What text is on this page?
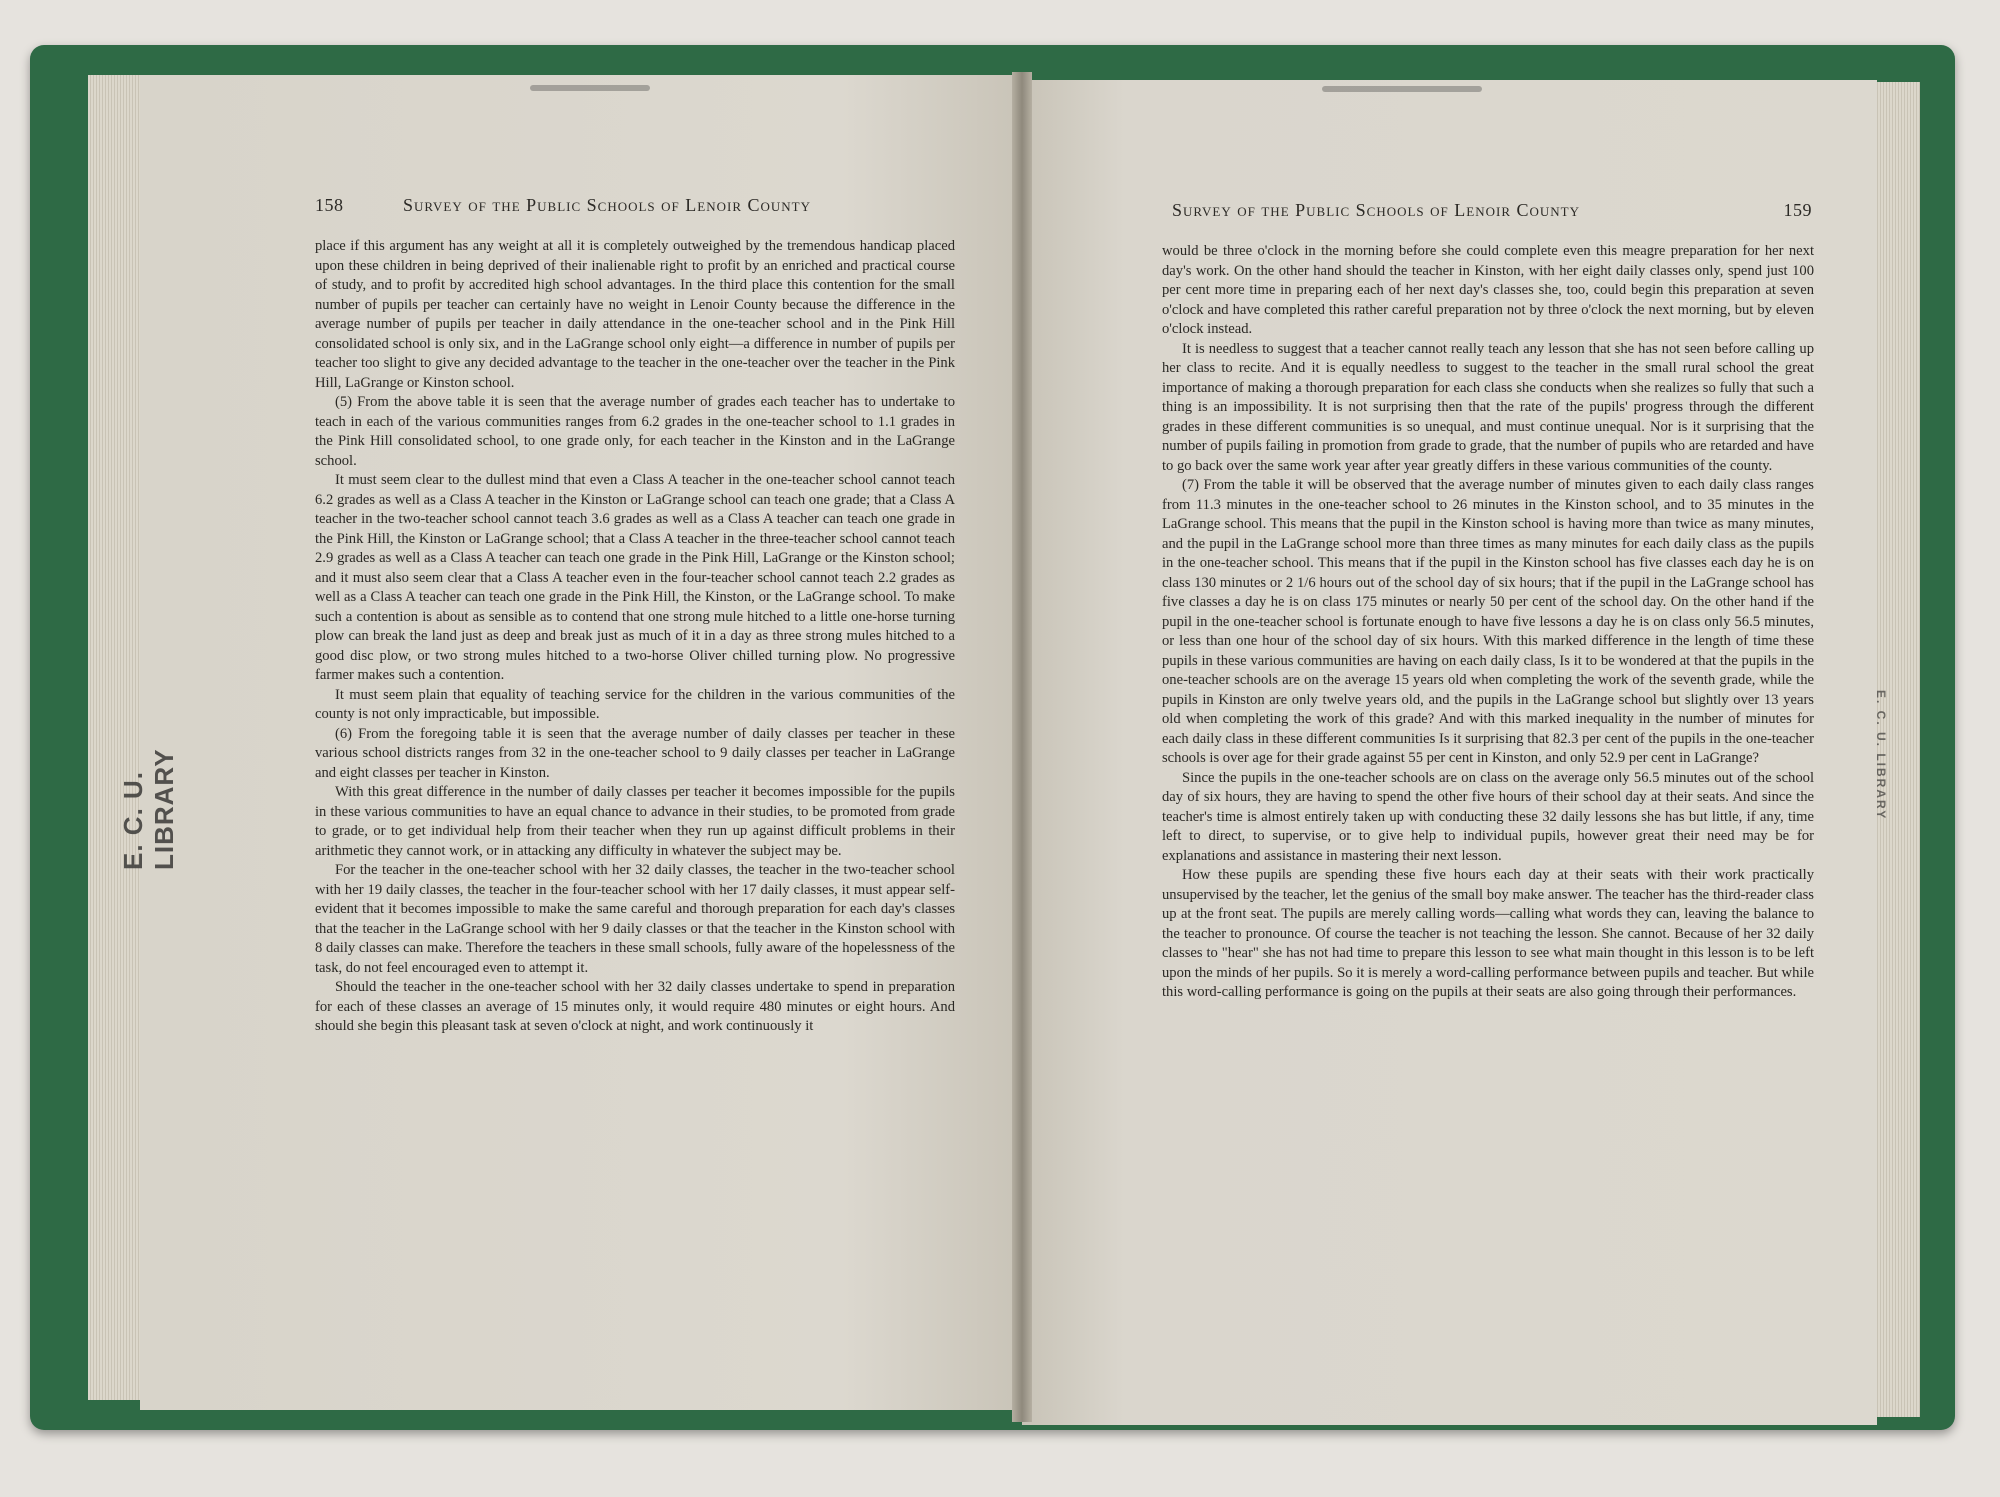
158	Survey of the Public Schools of Lenoir County

place if this argument has any weight at all it is completely outweighed by the tremendous handicap placed upon these children in being deprived of their inalienable right to profit by an enriched and practical course of study, and to profit by accredited high school advantages. In the third place this contention for the small number of pupils per teacher can certainly have no weight in Lenoir County because the difference in the average number of pupils per teacher in daily attendance in the one-teacher school and in the Pink Hill consolidated school is only six, and in the LaGrange school only eight—a difference in number of pupils per teacher too slight to give any decided advantage to the teacher in the one-teacher over the teacher in the Pink Hill, LaGrange or Kinston school.

(5) From the above table it is seen that the average number of grades each teacher has to undertake to teach in each of the various communities ranges from 6.2 grades in the one-teacher school to 1.1 grades in the Pink Hill consolidated school, to one grade only, for each teacher in the Kinston and in the LaGrange school.

It must seem clear to the dullest mind that even a Class A teacher in the one-teacher school cannot teach 6.2 grades as well as a Class A teacher in the Kinston or LaGrange school can teach one grade; that a Class A teacher in the two-teacher school cannot teach 3.6 grades as well as a Class A teacher can teach one grade in the Pink Hill, the Kinston or LaGrange school; that a Class A teacher in the three-teacher school cannot teach 2.9 grades as well as a Class A teacher can teach one grade in the Pink Hill, LaGrange or the Kinston school; and it must also seem clear that a Class A teacher even in the four-teacher school cannot teach 2.2 grades as well as a Class A teacher can teach one grade in the Pink Hill, the Kinston, or the LaGrange school. To make such a contention is about as sensible as to contend that one strong mule hitched to a little one-horse turning plow can break the land just as deep and break just as much of it in a day as three strong mules hitched to a good disc plow, or two strong mules hitched to a two-horse Oliver chilled turning plow. No progressive farmer makes such a contention.

It must seem plain that equality of teaching service for the children in the various communities of the county is not only impracticable, but impossible.

(6) From the foregoing table it is seen that the average number of daily classes per teacher in these various school districts ranges from 32 in the one-teacher school to 9 daily classes per teacher in LaGrange and eight classes per teacher in Kinston.

With this great difference in the number of daily classes per teacher it becomes impossible for the pupils in these various communities to have an equal chance to advance in their studies, to be promoted from grade to grade, or to get individual help from their teacher when they run up against difficult problems in their arithmetic they cannot work, or in attacking any difficulty in whatever the subject may be.

For the teacher in the one-teacher school with her 32 daily classes, the teacher in the two-teacher school with her 19 daily classes, the teacher in the four-teacher school with her 17 daily classes, it must appear self-evident that it becomes impossible to make the same careful and thorough preparation for each day's classes that the teacher in the LaGrange school with her 9 daily classes or that the teacher in the Kinston school with 8 daily classes can make. Therefore the teachers in these small schools, fully aware of the hopelessness of the task, do not feel encouraged even to attempt it.

Should the teacher in the one-teacher school with her 32 daily classes undertake to spend in preparation for each of these classes an average of 15 minutes only, it would require 480 minutes or eight hours. And should she begin this pleasant task at seven o'clock at night, and work continuously it

Survey of the Public Schools of Lenoir County	159

would be three o'clock in the morning before she could complete even this meagre preparation for her next day's work. On the other hand should the teacher in Kinston, with her eight daily classes only, spend just 100 per cent more time in preparing each of her next day's classes she, too, could begin this preparation at seven o'clock and have completed this rather careful preparation not by three o'clock the next morning, but by eleven o'clock instead.

It is needless to suggest that a teacher cannot really teach any lesson that she has not seen before calling up her class to recite. And it is equally needless to suggest to the teacher in the small rural school the great importance of making a thorough preparation for each class she conducts when she realizes so fully that such a thing is an impossibility. It is not surprising then that the rate of the pupils' progress through the different grades in these different communities is so unequal, and must continue unequal. Nor is it surprising that the number of pupils failing in promotion from grade to grade, that the number of pupils who are retarded and have to go back over the same work year after year greatly differs in these various communities of the county.

(7) From the table it will be observed that the average number of minutes given to each daily class ranges from 11.3 minutes in the one-teacher school to 26 minutes in the Kinston school, and to 35 minutes in the LaGrange school. This means that the pupil in the Kinston school is having more than twice as many minutes, and the pupil in the LaGrange school more than three times as many minutes for each daily class as the pupils in the one-teacher school. This means that if the pupil in the Kinston school has five classes each day he is on class 130 minutes or 2 1/6 hours out of the school day of six hours; that if the pupil in the LaGrange school has five classes a day he is on class 175 minutes or nearly 50 per cent of the school day. On the other hand if the pupil in the one-teacher school is fortunate enough to have five lessons a day he is on class only 56.5 minutes, or less than one hour of the school day of six hours. With this marked difference in the length of time these pupils in these various communities are having on each daily class, Is it to be wondered at that the pupils in the one-teacher schools are on the average 15 years old when completing the work of the seventh grade, while the pupils in Kinston are only twelve years old, and the pupils in the LaGrange school but slightly over 13 years old when completing the work of this grade? And with this marked inequality in the number of minutes for each daily class in these different communities Is it surprising that 82.3 per cent of the pupils in the one-teacher schools is over age for their grade against 55 per cent in Kinston, and only 52.9 per cent in LaGrange?

Since the pupils in the one-teacher schools are on class on the average only 56.5 minutes out of the school day of six hours, they are having to spend the other five hours of their school day at their seats. And since the teacher's time is almost entirely taken up with conducting these 32 daily lessons she has but little, if any, time left to direct, to supervise, or to give help to individual pupils, however great their need may be for explanations and assistance in mastering their next lesson.

How these pupils are spending these five hours each day at their seats with their work practically unsupervised by the teacher, let the genius of the small boy make answer. The teacher has the third-reader class up at the front seat. The pupils are merely calling words—calling what words they can, leaving the balance to the teacher to pronounce. Of course the teacher is not teaching the lesson. She cannot. Because of her 32 daily classes to "hear" she has not had time to prepare this lesson to see what main thought in this lesson is to be left upon the minds of her pupils. So it is merely a word-calling performance between pupils and teacher. But while this word-calling performance is going on the pupils at their seats are also going through their performances.

E. C. U. LIBRARY	E. C. U. LIBRARY
